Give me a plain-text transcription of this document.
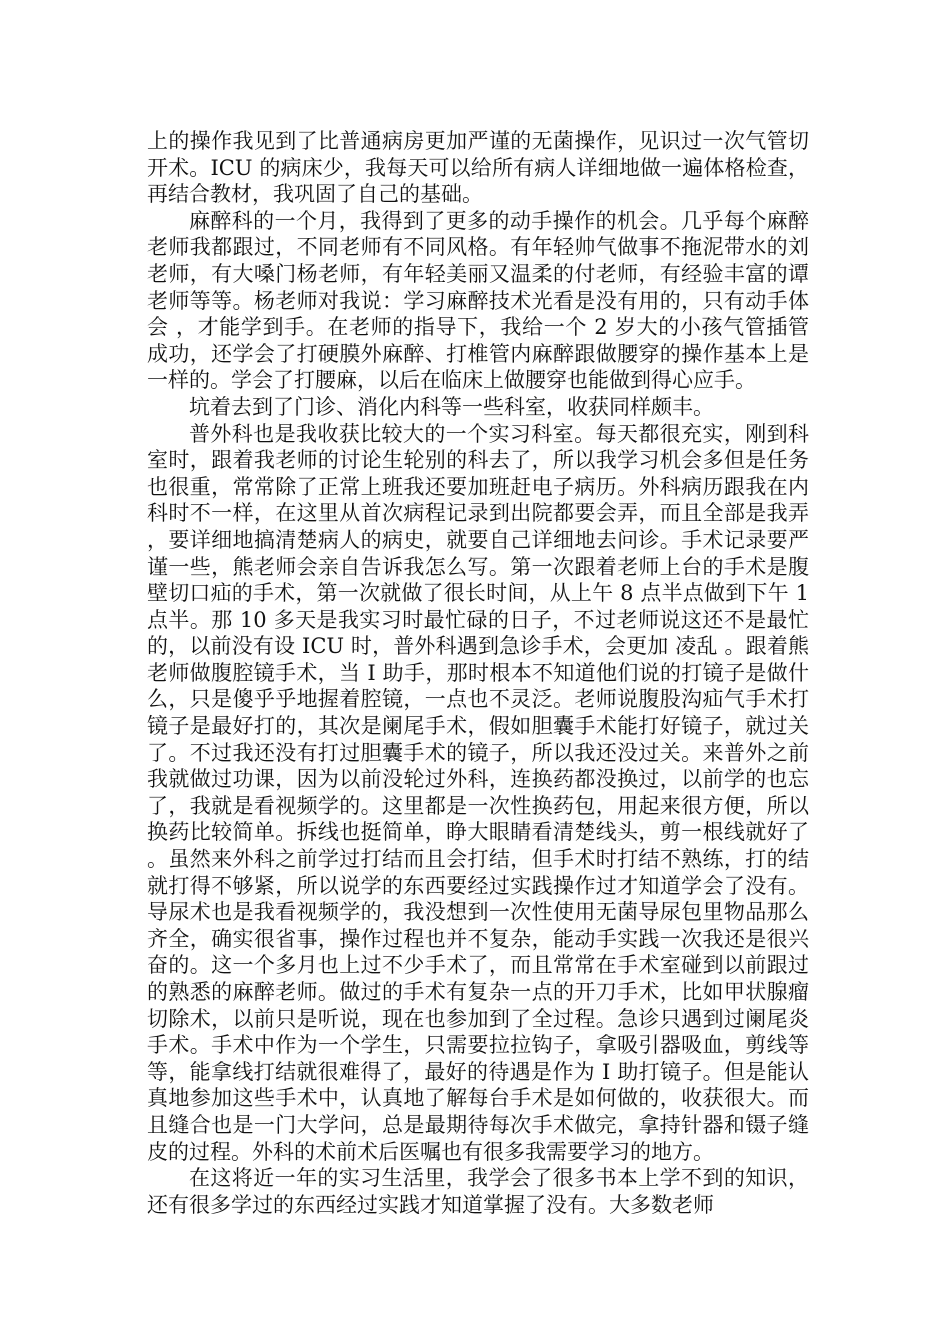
上的操作我见到了比普通病房更加严谨的无菌操作，见识过一次气管切开术。ICU 的病床少，我每天可以给所有病人详细地做一遍体格检查，再结合教材，我巩固了自己的基础。

麻醉科的一个月，我得到了更多的动手操作的机会。几乎每个麻醉老师我都跟过，不同老师有不同风格。有年轻帅气做事不拖泥带水的刘老师，有大嗓门杨老师，有年轻美丽又温柔的付老师，有经验丰富的谭老师等等。杨老师对我说：学习麻醉技术光看是没有用的，只有动手体会 ，才能学到手。在老师的指导下，我给一个 2 岁大的小孩气管插管成功，还学会了打硬膜外麻醉、打椎管内麻醉跟做腰穿的操作基本上是一样的。学会了打腰麻，以后在临床上做腰穿也能做到得心应手。

坑着去到了门诊、消化内科等一些科室，收获同样颇丰。

普外科也是我收获比较大的一个实习科室。每天都很充实，刚到科室时，跟着我老师的讨论生轮别的科去了，所以我学习机会多但是任务也很重，常常除了正常上班我还要加班赶电子病历。外科病历跟我在内科时不一样，在这里从首次病程记录到出院都要会弄，而且全部是我弄，要详细地搞清楚病人的病史，就要自己详细地去问诊。手术记录要严谨一些，熊老师会亲自告诉我怎么写。第一次跟着老师上台的手术是腹壁切口疝的手术，第一次就做了很长时间，从上午 8 点半点做到下午 1 点半。那 10 多天是我实习时最忙碌的日子，不过老师说这还不是最忙的，以前没有设 ICU 时，普外科遇到急诊手术，会更加 凌乱 。跟着熊老师做腹腔镜手术，当 I 助手，那时根本不知道他们说的打镜子是做什么，只是傻乎乎地握着腔镜，一点也不灵泛。老师说腹股沟疝气手术打镜子是最好打的，其次是阑尾手术，假如胆囊手术能打好镜子，就过关了。不过我还没有打过胆囊手术的镜子，所以我还没过关。来普外之前我就做过功课，因为以前没轮过外科，连换药都没换过，以前学的也忘了，我就是看视频学的。这里都是一次性换药包，用起来很方便，所以换药比较简单。拆线也挺简单，睁大眼睛看清楚线头，剪一根线就好了。虽然来外科之前学过打结而且会打结，但手术时打结不熟练，打的结就打得不够紧，所以说学的东西要经过实践操作过才知道学会了没有。导尿术也是我看视频学的，我没想到一次性使用无菌导尿包里物品那么齐全，确实很省事，操作过程也并不复杂，能动手实践一次我还是很兴奋的。这一个多月也上过不少手术了，而且常常在手术室碰到以前跟过的熟悉的麻醉老师。做过的手术有复杂一点的开刀手术，比如甲状腺瘤切除术，以前只是听说，现在也参加到了全过程。急诊只遇到过阑尾炎手术。手术中作为一个学生，只需要拉拉钩子，拿吸引器吸血，剪线等等，能拿线打结就很难得了，最好的待遇是作为 I 助打镜子。但是能认真地参加这些手术中，认真地了解每台手术是如何做的，收获很大。而且缝合也是一门大学问，总是最期待每次手术做完，拿持针器和镊子缝皮的过程。外科的术前术后医嘱也有很多我需要学习的地方。

在这将近一年的实习生活里，我学会了很多书本上学不到的知识，还有很多学过的东西经过实践才知道掌握了没有。大多数老师
